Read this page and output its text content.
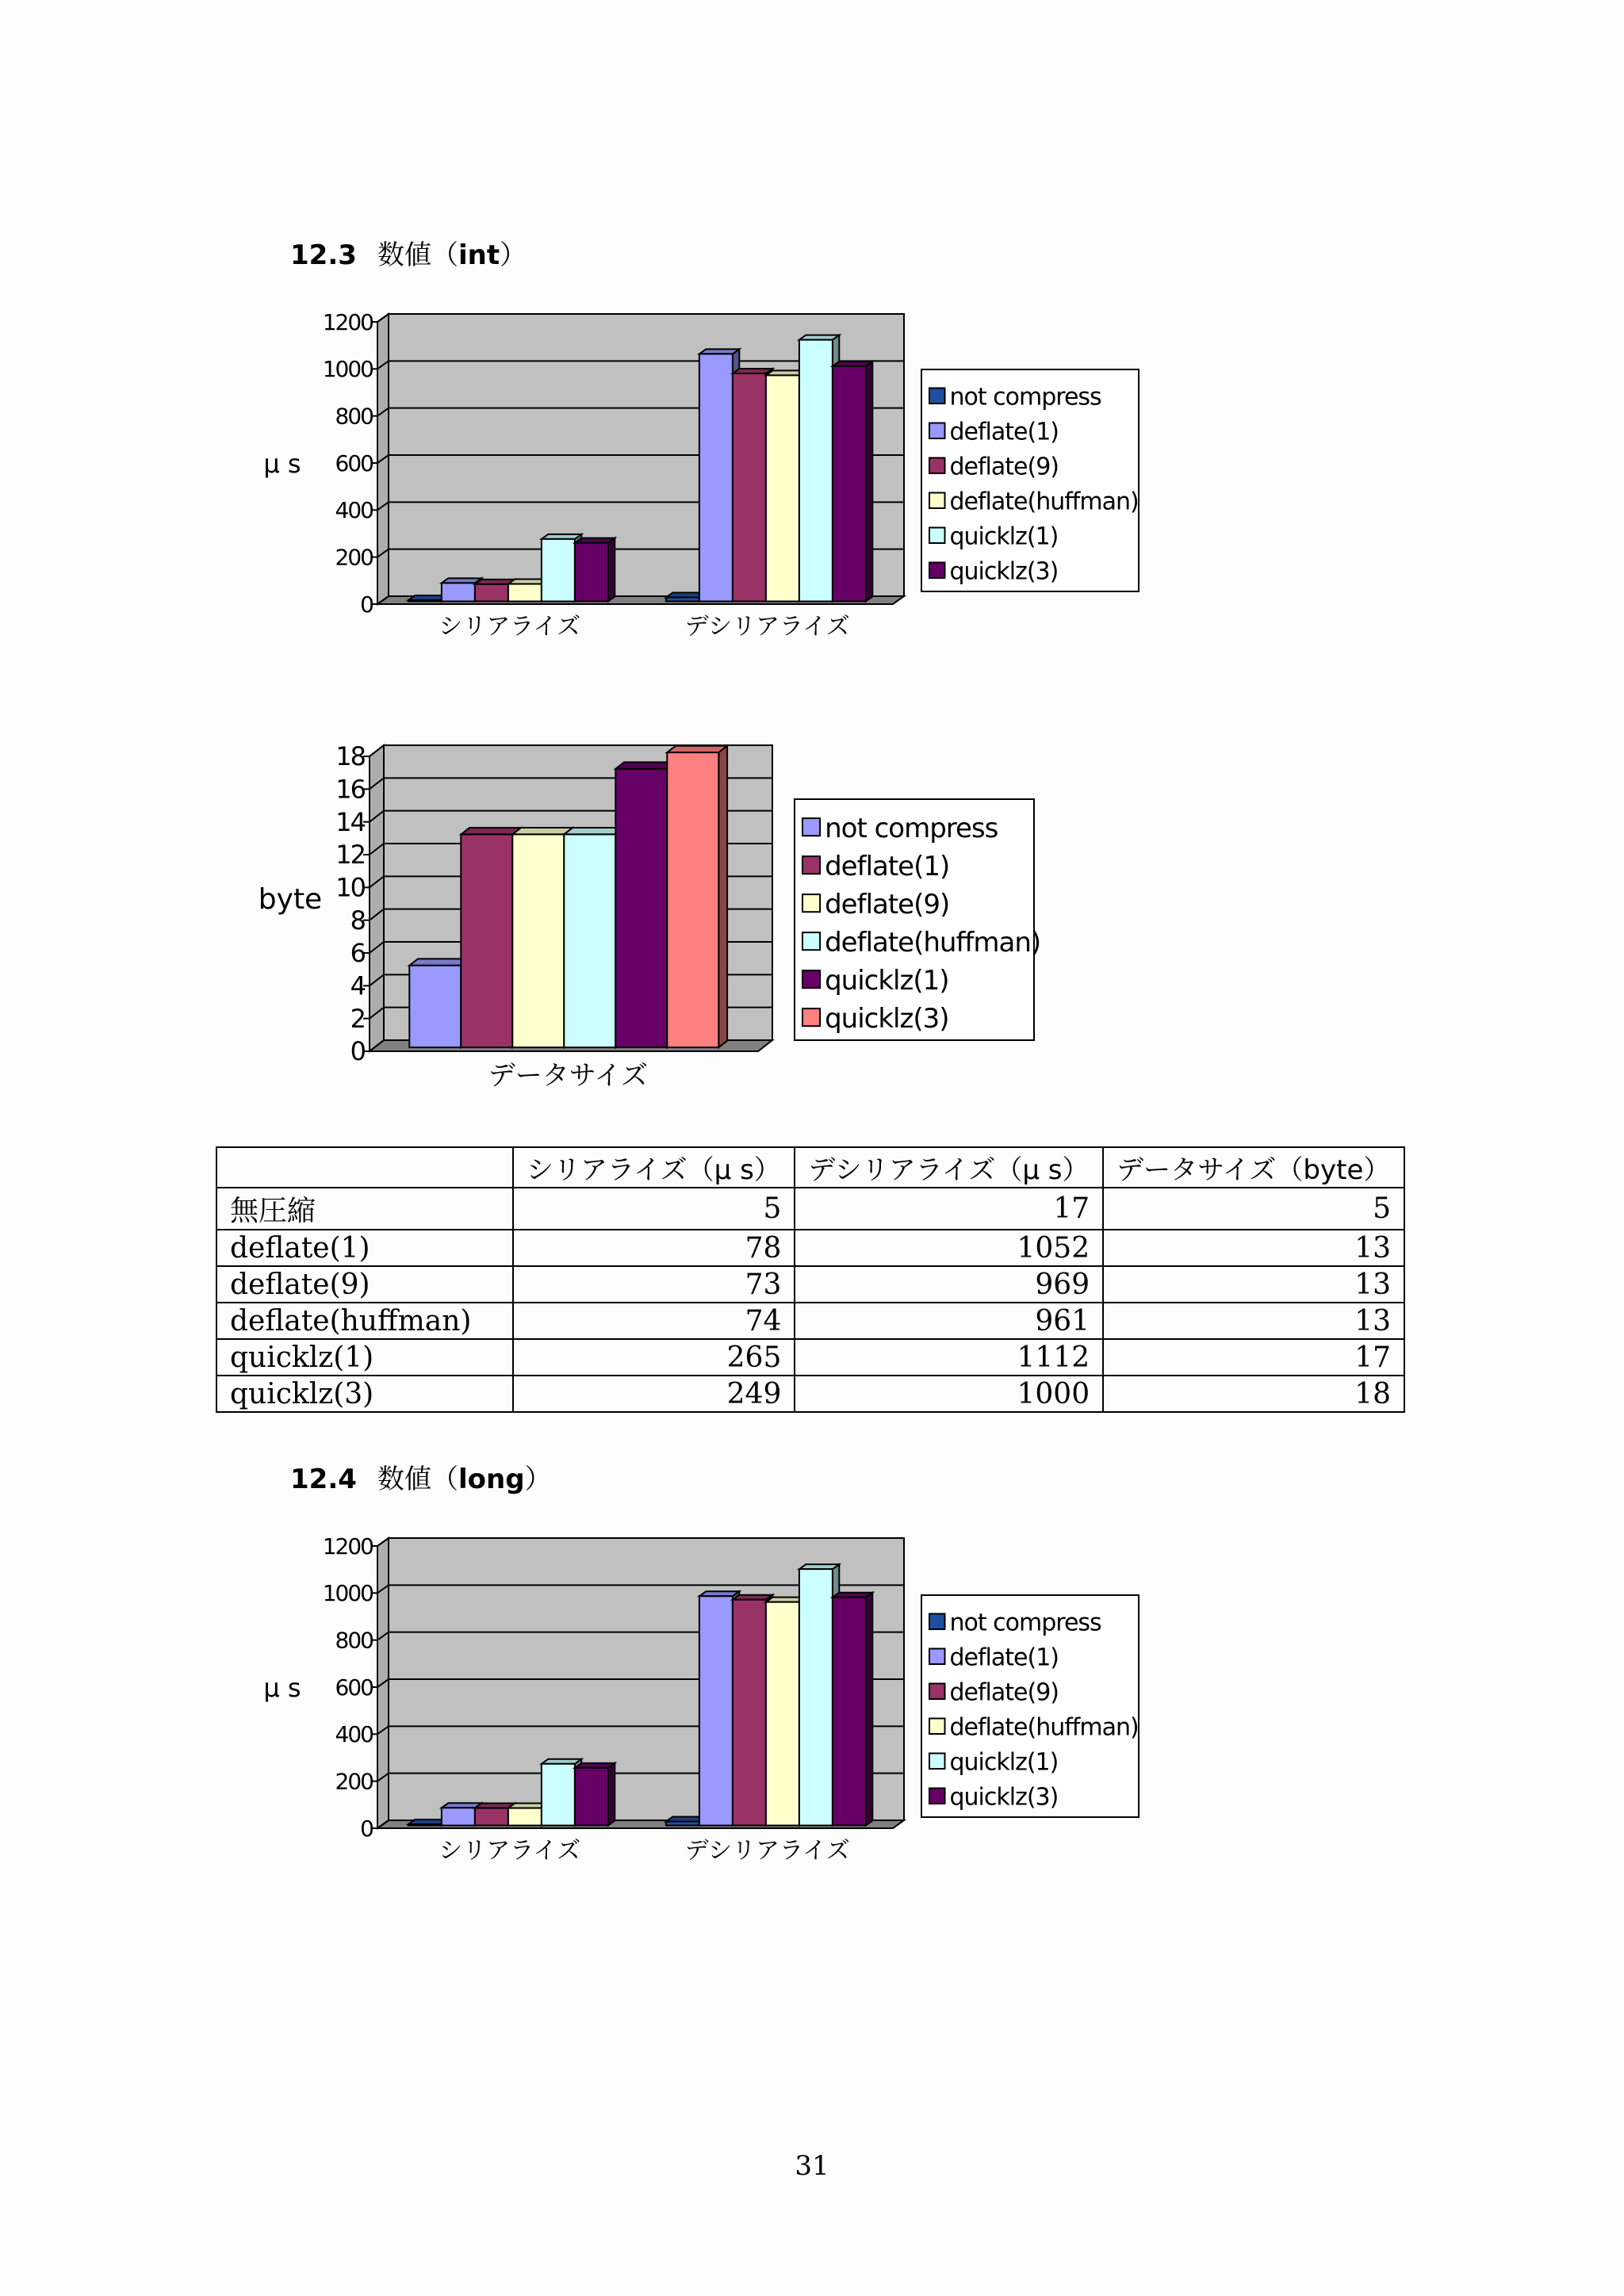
12.3 数値（int）
0
200
400
600
800
1000
1200
μ s
シリアライズ	デシリアライズ
not compress
deflate(1)
deflate(9)
deflate(huffman)
quicklz(1)
quicklz(3)
0
2
4
6
8
10
12
14
16
18
byte
データサイズ
not compress
deflate(1)
deflate(9)
deflate(huffman)
quicklz(1)
quicklz(3)
	シリアライズ（μ s）	デシリアライズ（μ s）	データサイズ（byte）
無圧縮	5	17	5
deflate(1)	78	1052	13
deflate(9)	73	969	13
deflate(huffman)	74	961	13
quicklz(1)	265	1112	17
quicklz(3)	249	1000	18
12.4 数値（long）
0
200
400
600
800
1000
1200
μ s
シリアライズ	デシリアライズ
not compress
deflate(1)
deflate(9)
deflate(huffman)
quicklz(1)
quicklz(3)
31
